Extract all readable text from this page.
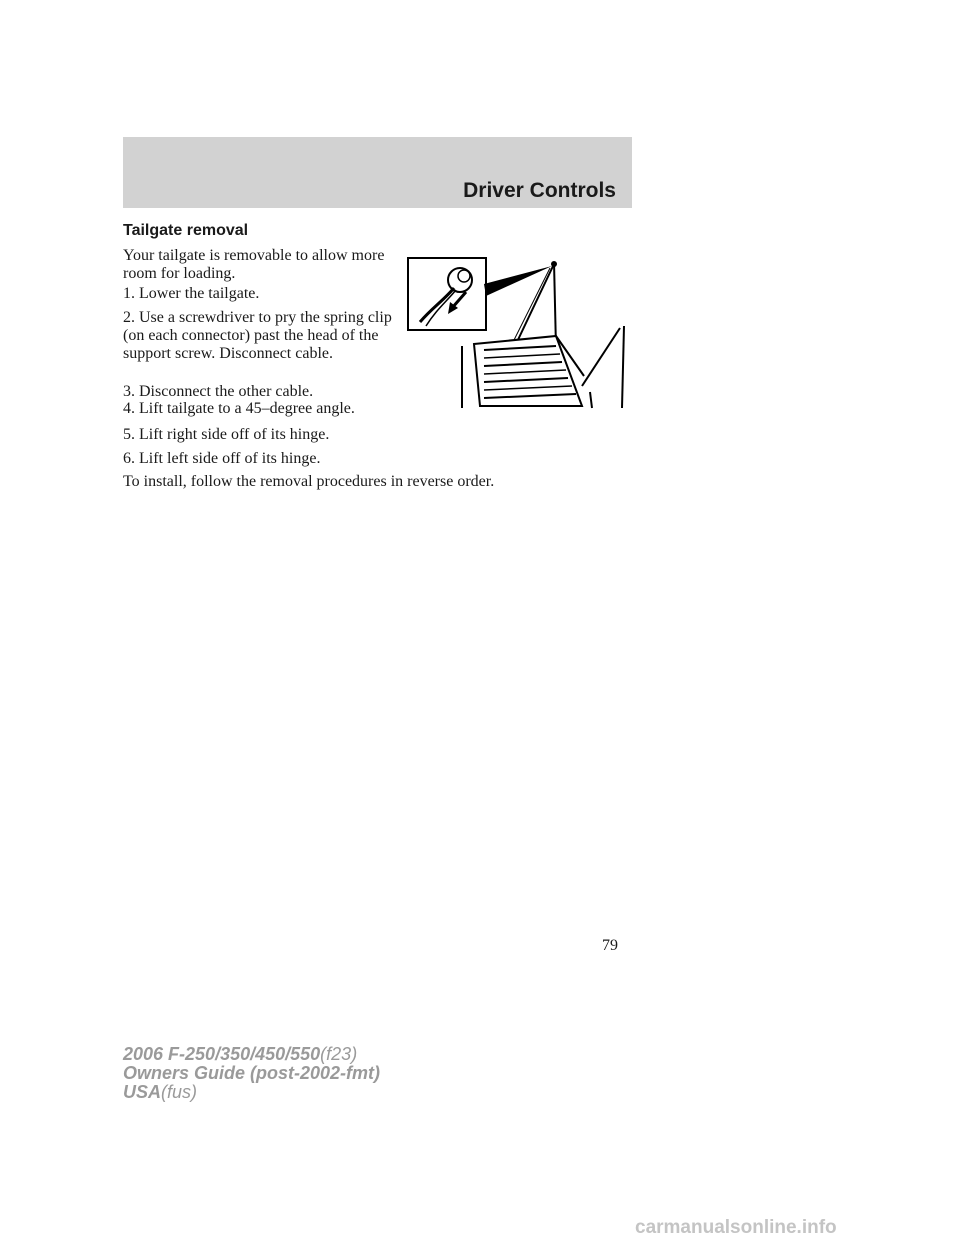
Driver Controls
Tailgate removal

Your tailgate is removable to allow more room for loading.

1. Lower the tailgate.

2. Use a screwdriver to pry the spring clip (on each connector) past the head of the support screw. Disconnect cable.

3. Disconnect the other cable.

4. Lift tailgate to a 45–degree angle.

5. Lift right side off of its hinge.

6. Lift left side off of its hinge.

To install, follow the removal procedures in reverse order.

79
2006 F-250/350/450/550(f23)
Owners Guide (post-2002-fmt)
USA(fus)
carmanualsonline.info
